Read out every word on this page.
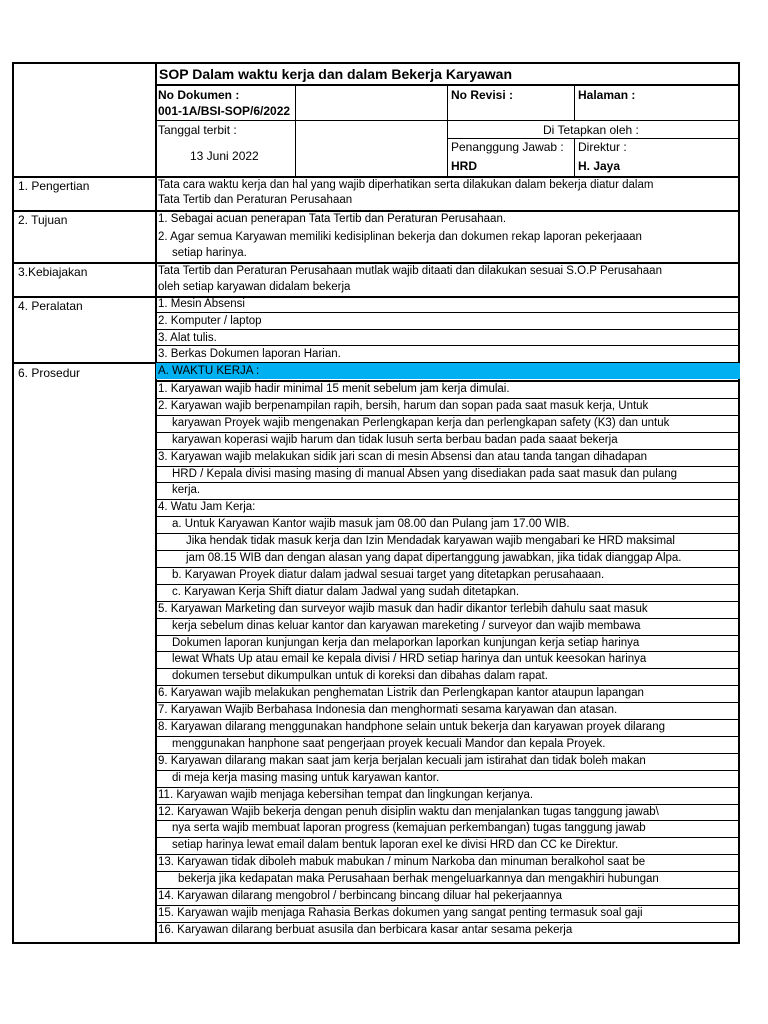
SOP Dalam waktu kerja dan dalam Bekerja Karyawan
No Dokumen :
001-1A/BSI-SOP/6/2022
No Revisi :	Halaman :
Tanggal terbit :
13 Juni 2022
Di Tetapkan oleh :
Penanggung Jawab :
HRD
Direktur :
H. Jaya
1. Pengertian
2. Tujuan
3.Kebiajakan
4. Peralatan
6. Prosedur
Tata cara waktu kerja dan hal yang wajib diperhatikan serta dilakukan dalam bekerja diatur dalam
Tata Tertib dan Peraturan Perusahaan
1. Sebagai acuan penerapan Tata Tertib dan Peraturan Perusahaan.
2. Agar semua Karyawan memiliki kedisiplinan bekerja dan dokumen rekap laporan pekerjaaan
setiap harinya.
Tata Tertib dan Peraturan Perusahaan mutlak wajib ditaati dan dilakukan sesuai S.O.P Perusahaan
oleh setiap karyawan didalam bekerja
1. Mesin Absensi
2. Komputer / laptop
3. Alat tulis.
3. Berkas Dokumen laporan Harian.
A. WAKTU KERJA :
1. Karyawan wajib hadir minimal 15 menit sebelum jam kerja dimulai.
2. Karyawan wajib berpenampilan rapih, bersih, harum dan sopan pada saat masuk kerja, Untuk
karyawan Proyek wajib mengenakan Perlengkapan kerja dan perlengkapan safety (K3) dan untuk
karyawan koperasi wajib harum dan tidak lusuh serta berbau badan pada saaat bekerja
3. Karyawan wajib melakukan sidik jari scan di mesin Absensi dan atau tanda tangan dihadapan
HRD / Kepala divisi masing masing di manual Absen yang disediakan pada saat masuk dan pulang
kerja.
4. Watu Jam Kerja:
a. Untuk Karyawan Kantor wajib masuk jam 08.00 dan Pulang jam 17.00 WIB.
Jika hendak tidak masuk kerja dan Izin Mendadak karyawan wajib mengabari ke HRD maksimal
jam 08.15 WIB dan dengan alasan yang dapat dipertanggung jawabkan, jika tidak dianggap Alpa.
b. Karyawan Proyek diatur dalam jadwal sesuai target yang ditetapkan perusahaaan.
c. Karyawan Kerja Shift diatur dalam Jadwal yang sudah ditetapkan.
5. Karyawan Marketing dan surveyor wajib masuk dan hadir dikantor terlebih dahulu saat masuk
kerja sebelum dinas keluar kantor dan karyawan mareketing / surveyor dan wajib membawa
Dokumen laporan kunjungan kerja dan melaporkan laporkan kunjungan kerja setiap harinya
lewat Whats Up atau email ke kepala divisi / HRD setiap harinya dan untuk keesokan harinya
dokumen tersebut dikumpulkan untuk di koreksi dan dibahas dalam rapat.
6. Karyawan wajib melakukan penghematan Listrik dan Perlengkapan kantor ataupun lapangan
7. Karyawan Wajib Berbahasa Indonesia dan menghormati sesama karyawan dan atasan.
8. Karyawan dilarang menggunakan handphone selain untuk bekerja dan karyawan proyek dilarang
menggunakan hanphone saat pengerjaan proyek kecuali Mandor dan kepala Proyek.
9. Karyawan dilarang makan saat jam kerja berjalan kecuali jam istirahat dan tidak boleh makan
di meja kerja masing masing untuk karyawan kantor.
11. Karyawan wajib menjaga kebersihan tempat dan lingkungan kerjanya.
12. Karyawan Wajib bekerja dengan penuh disiplin waktu dan menjalankan tugas tanggung jawab\
nya serta wajib membuat laporan progress (kemajuan perkembangan) tugas tanggung jawab
setiap harinya lewat email dalam bentuk laporan exel ke divisi HRD dan CC ke Direktur.
13. Karyawan tidak diboleh mabuk mabukan / minum Narkoba dan minuman beralkohol saat be
bekerja jika kedapatan maka Perusahaan berhak mengeluarkannya dan mengakhiri hubungan
14. Karyawan dilarang mengobrol / berbincang bincang diluar hal pekerjaannya
15. Karyawan wajib menjaga Rahasia Berkas dokumen yang sangat penting termasuk soal gaji
16. Karyawan dilarang berbuat asusila dan berbicara kasar antar sesama pekerja
